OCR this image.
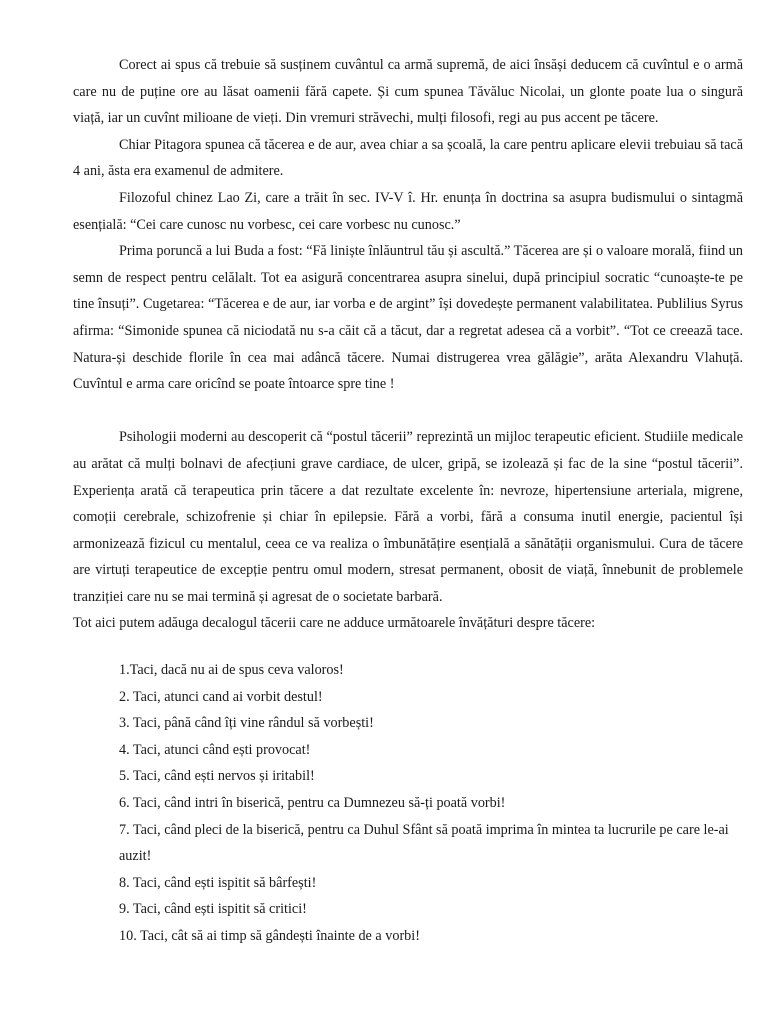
Corect ai spus că trebuie să susținem cuvântul ca armă supremă, de aici însăși deducem că cuvîntul e o armă care nu de puține ore au lăsat oamenii fără capete. Și cum spunea Tăvăluc Nicolai, un glonte poate lua o singură viață, iar un cuvînt milioane de vieți. Din vremuri străvechi, mulți filosofi, regi au pus accent pe tăcere.

Chiar Pitagora spunea că tăcerea e de aur, avea chiar a sa școală, la care pentru aplicare elevii trebuiau să tacă 4 ani, ăsta era examenul de admitere.

Filozoful chinez Lao Zi, care a trăit în sec. IV-V î. Hr. enunța în doctrina sa asupra budismului o sintagmă esențială: “Cei care cunosc nu vorbesc, cei care vorbesc nu cunosc.”

Prima poruncă a lui Buda a fost: “Fă liniște înlăuntrul tău și ascultă.” Tăcerea are și o valoare morală, fiind un semn de respect pentru celălalt. Tot ea asigură concentrarea asupra sinelui, după principiul socratic “cunoaște-te pe tine însuți”. Cugetarea: “Tăcerea e de aur, iar vorba e de argint” își dovedește permanent valabilitatea. Publilius Syrus afirma: “Simonide spunea că niciodată nu s-a căit că a tăcut, dar a regretat adesea că a vorbit”. “Tot ce creează tace. Natura-și deschide florile în cea mai adâncă tăcere. Numai distrugerea vrea gălăgie”, arăta Alexandru Vlahuță. Cuvîntul e arma care oricînd se poate întoarce spre tine !

Psihologii moderni au descoperit că “postul tăcerii” reprezintă un mijloc terapeutic eficient. Studiile medicale au arătat că mulți bolnavi de afecțiuni grave cardiace, de ulcer, gripă, se izolează și fac de la sine “postul tăcerii”. Experiența arată că terapeutica prin tăcere a dat rezultate excelente în: nevroze, hipertensiune arteriala, migrene, comoții cerebrale, schizofrenie și chiar în epilepsie. Fără a vorbi, fără a consuma inutil energie, pacientul își armonizează fizicul cu mentalul, ceea ce va realiza o îmbunătățire esențială a sănătății organismului. Cura de tăcere are virtuți terapeutice de excepție pentru omul modern, stresat permanent, obosit de viață, înnebunit de problemele tranziției care nu se mai termină și agresat de o societate barbară.

Tot aici putem adăuga decalogul tăcerii care ne adduce următoarele învățături despre tăcere:

1.Taci, dacă nu ai de spus ceva valoros!
2. Taci, atunci cand ai vorbit destul!
3. Taci, până când îți vine rândul să vorbești!
4. Taci, atunci când ești provocat!
5. Taci, când ești nervos și iritabil!
6. Taci, când intri în biserică, pentru ca Dumnezeu să-ți poată vorbi!
7. Taci, când pleci de la biserică, pentru ca Duhul Sfânt să poată imprima în mintea ta lucrurile pe care le-ai auzit!
8. Taci, când ești ispitit să bârfești!
9. Taci, când ești ispitit să critici!
10. Taci, cât să ai timp să gândești înainte de a vorbi!
